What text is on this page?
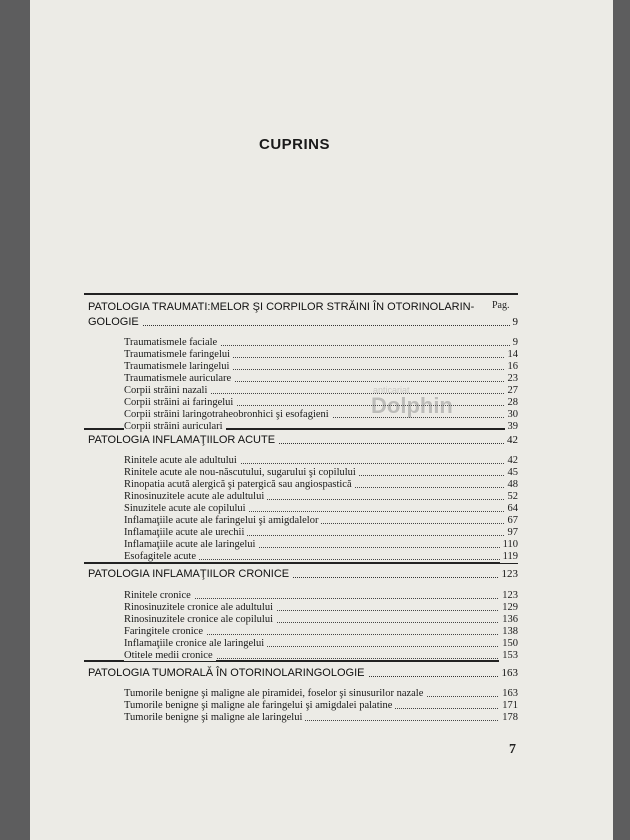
CUPRINS
Pag.
PATOLOGIA TRAUMATI:MELOR ŞI CORPILOR STRĂINI ÎN OTORINOLARIN-
GOLOGIE	9
Traumatismele faciale	9
Traumatismele faringelui	14
Traumatismele laringelui	16
Traumatismele auriculare	23
Corpii străini nazali	27
Corpii străini ai faringelui	28
Corpii străini laringotraheobronhici şi esofagieni	30
Corpii străini auriculari	39
anticariat
Dolphin
PATOLOGIA INFLAMAŢIILOR ACUTE	42
Rinitele acute ale adultului	42
Rinitele acute ale nou-născutului, sugarului şi copilului	45
Rinopatia acută alergică şi patergică sau angiospastică	48
Rinosinuzitele acute ale adultului	52
Sinuzitele acute ale copilului	64
Inflamaţiile acute ale faringelui şi amigdalelor	67
Inflamaţiile acute ale urechii	97
Inflamaţiile acute ale laringelui	110
Esofagitele acute	119
PATOLOGIA INFLAMAŢIILOR CRONICE	123
Rinitele cronice	123
Rinosinuzitele cronice ale adultului	129
Rinosinuzitele cronice ale copilului	136
Faringitele cronice	138
Inflamaţiile cronice ale laringelui	150
Otitele medii cronice	153
PATOLOGIA TUMORALĂ ÎN OTORINOLARINGOLOGIE	163
Tumorile benigne şi maligne ale piramidei, foselor şi sinusurilor nazale	163
Tumorile benigne şi maligne ale faringelui şi amigdalei palatine	171
Tumorile benigne şi maligne ale laringelui	178
7
